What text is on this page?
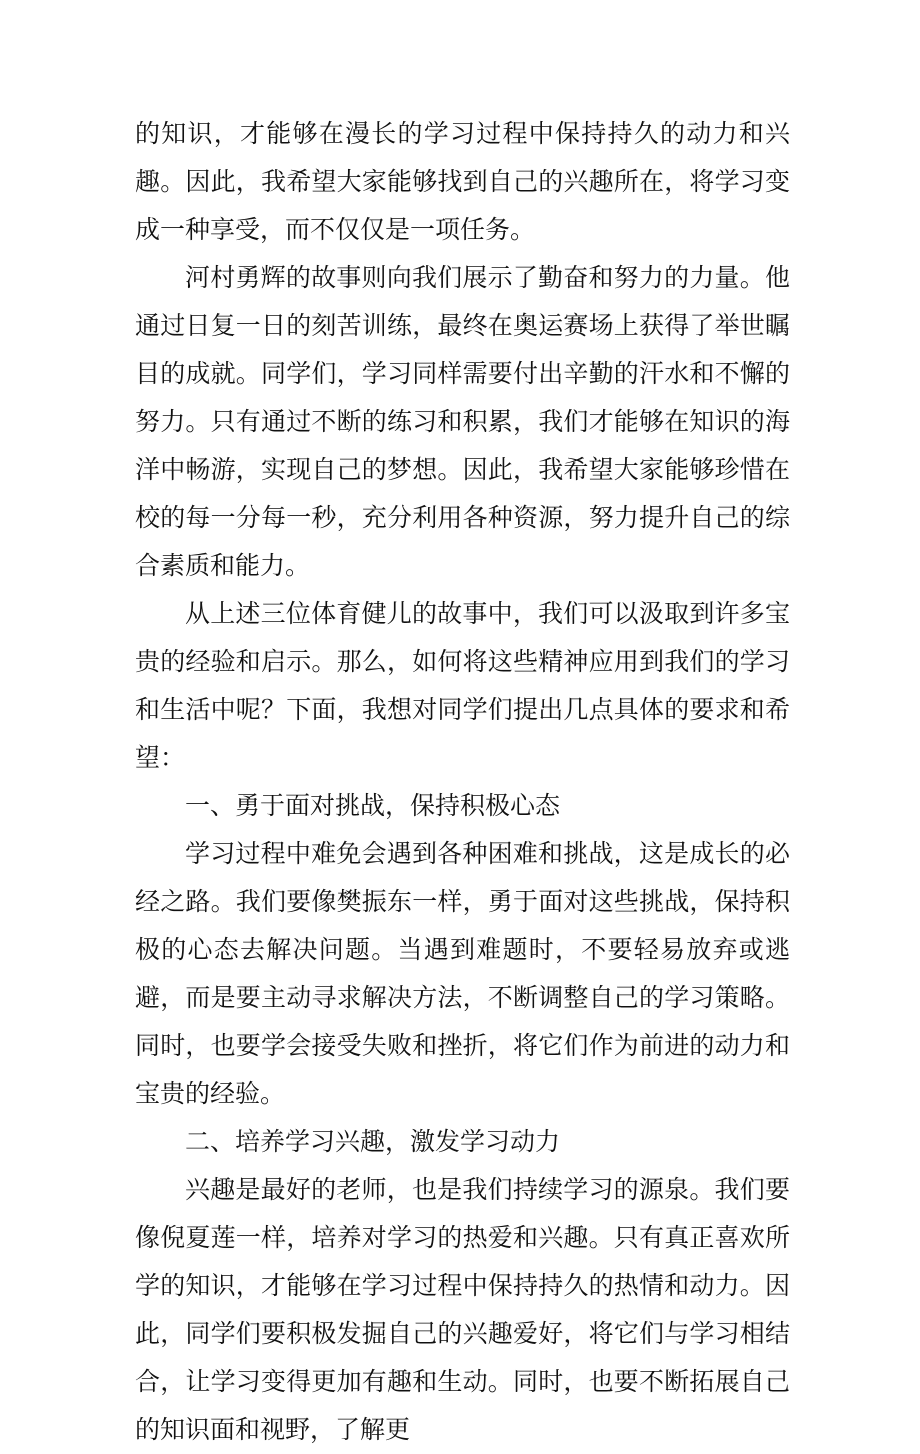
的知识，才能够在漫长的学习过程中保持持久的动力和兴趣。因此，我希望大家能够找到自己的兴趣所在，将学习变成一种享受，而不仅仅是一项任务。

河村勇辉的故事则向我们展示了勤奋和努力的力量。他通过日复一日的刻苦训练，最终在奥运赛场上获得了举世瞩目的成就。同学们，学习同样需要付出辛勤的汗水和不懈的努力。只有通过不断的练习和积累，我们才能够在知识的海洋中畅游，实现自己的梦想。因此，我希望大家能够珍惜在校的每一分每一秒，充分利用各种资源，努力提升自己的综合素质和能力。

从上述三位体育健儿的故事中，我们可以汲取到许多宝贵的经验和启示。那么，如何将这些精神应用到我们的学习和生活中呢？下面，我想对同学们提出几点具体的要求和希望：

一、勇于面对挑战，保持积极心态

学习过程中难免会遇到各种困难和挑战，这是成长的必经之路。我们要像樊振东一样，勇于面对这些挑战，保持积极的心态去解决问题。当遇到难题时，不要轻易放弃或逃避，而是要主动寻求解决方法，不断调整自己的学习策略。同时，也要学会接受失败和挫折，将它们作为前进的动力和宝贵的经验。

二、培养学习兴趣，激发学习动力

兴趣是最好的老师，也是我们持续学习的源泉。我们要像倪夏莲一样，培养对学习的热爱和兴趣。只有真正喜欢所学的知识，才能够在学习过程中保持持久的热情和动力。因此，同学们要积极发掘自己的兴趣爱好，将它们与学习相结合，让学习变得更加有趣和生动。同时，也要不断拓展自己的知识面和视野，了解更
